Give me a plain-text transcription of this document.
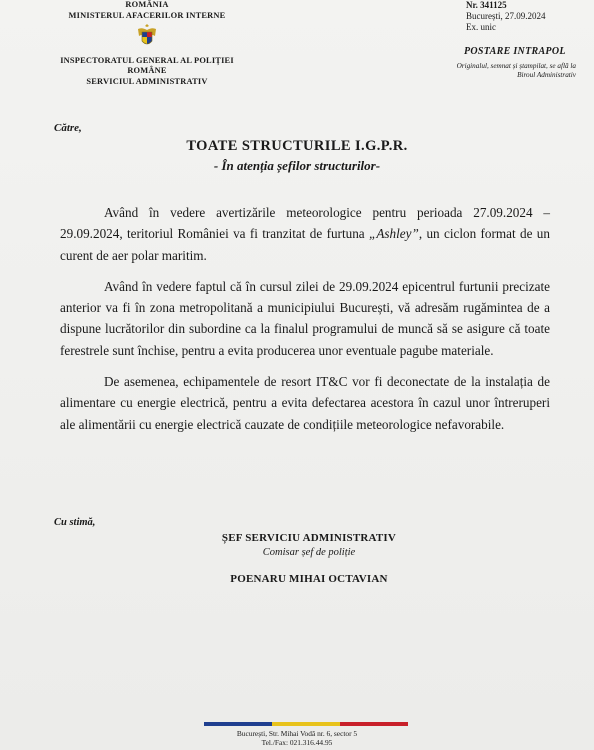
ROMÂNIA
MINISTERUL AFACERILOR INTERNE
INSPECTORATUL GENERAL AL POLIȚIEI ROMÂNE
SERVICIUL ADMINISTRATIV
Nr. 341125
București, 27.09.2024
Ex. unic
POSTARE INTRAPOL
Originalul, semnat și ștampilat, se află la Biroul Administrativ
Către,
TOATE STRUCTURILE I.G.P.R.
- În atenția șefilor structurilor-

Având în vedere avertizările meteorologice pentru perioada 27.09.2024 – 29.09.2024, teritoriul României va fi tranzitat de furtuna „Ashley”, un ciclon format de un curent de aer polar maritim.

Având în vedere faptul că în cursul zilei de 29.09.2024 epicentrul furtunii precizate anterior va fi în zona metropolitană a municipiului București, vă adresăm rugămintea de a dispune lucrătorilor din subordine ca la finalul programului de muncă să se asigure că toate ferestrele sunt închise, pentru a evita producerea unor eventuale pagube materiale.

De asemenea, echipamentele de resort IT&C vor fi deconectate de la instalația de alimentare cu energie electrică, pentru a evita defectarea acestora în cazul unor întreruperi ale alimentării cu energie electrică cauzate de condițiile meteorologice nefavorabile.

Cu stimă,
ȘEF SERVICIU ADMINISTRATIV
Comisar șef de poliție
POENARU MIHAI OCTAVIAN
București, Str. Mihai Vodă nr. 6, sector 5
Tel./Fax: 021.316.44.95
